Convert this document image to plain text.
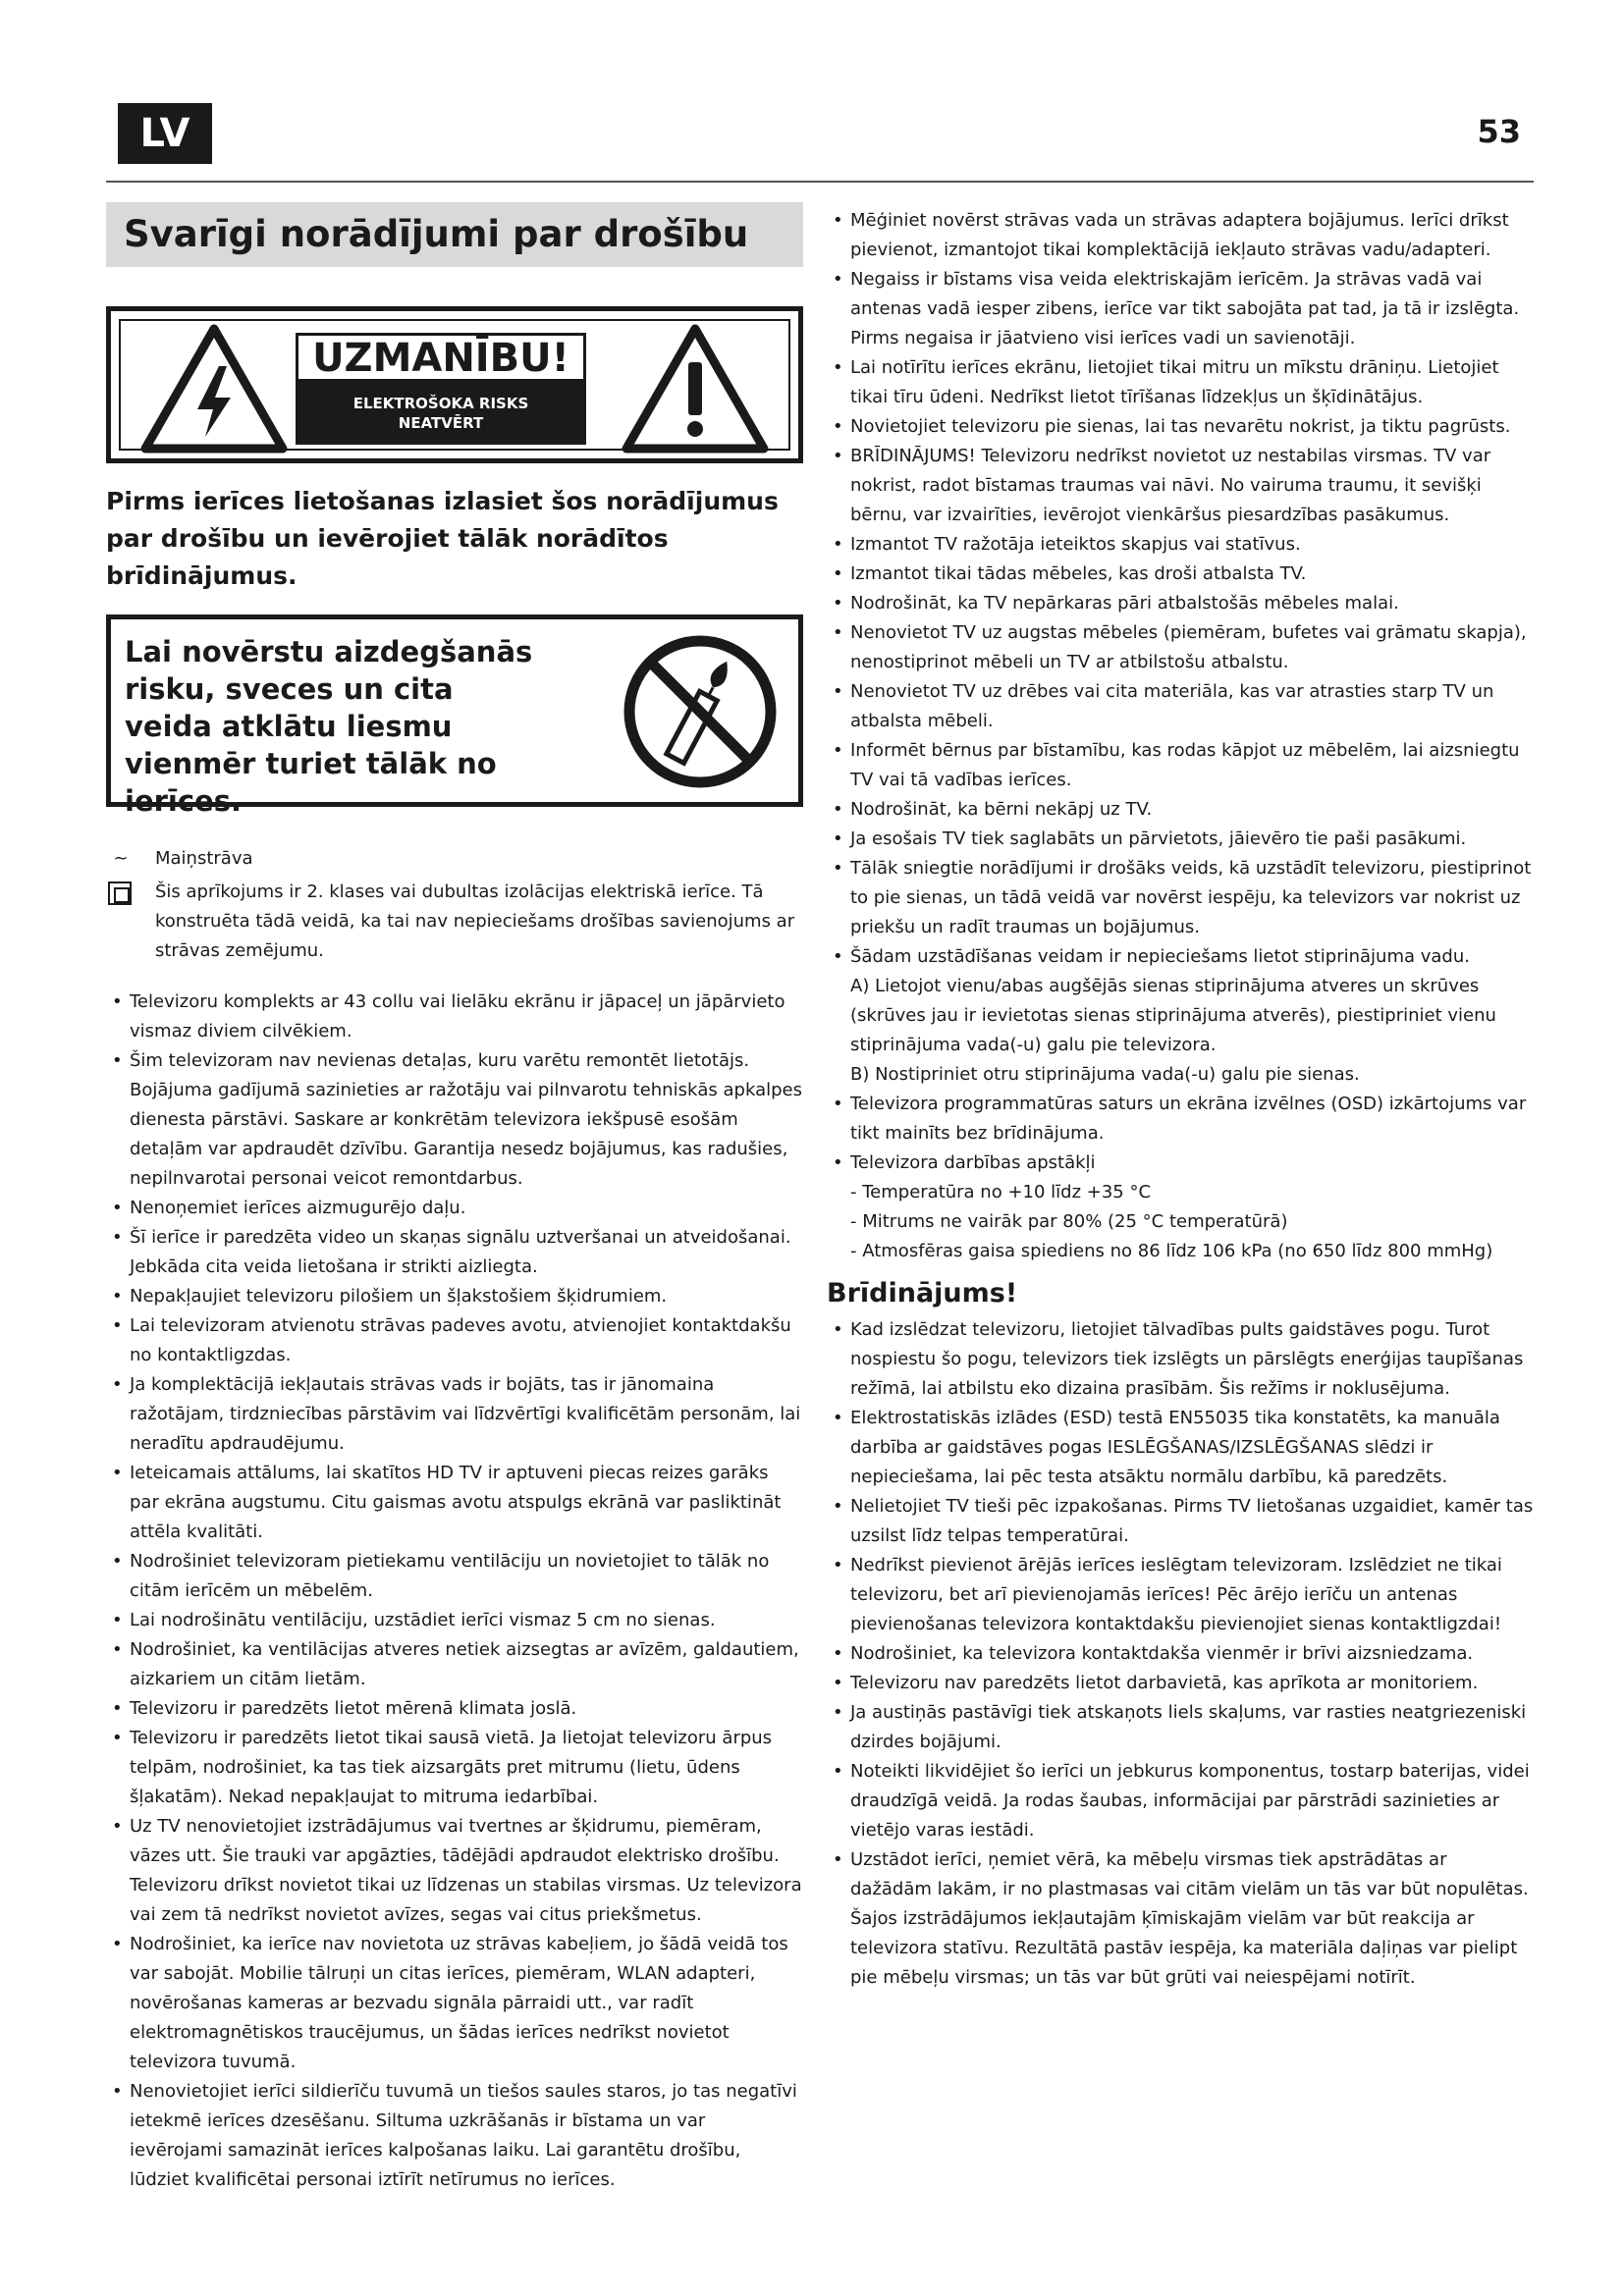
LV	53
Svarīgi norādījumi par drošību
UZMANĪBU!
ELEKTROŠOKA RISKS
NEATVĒRT
Pirms ierīces lietošanas izlasiet šos norādījumus par drošību un ievērojiet tālāk norādītos brīdinājumus.
Lai novērstu aizdegšanās risku, sveces un cita veida atklātu liesmu vienmēr turiet tālāk no ierīces.
~	Maiņstrāva
Šis aprīkojums ir 2. klases vai dubultas izolācijas elektriskā ierīce. Tā konstruēta tādā veidā, ka tai nav nepieciešams drošības savienojums ar strāvas zemējumu.
• Televizoru komplekts ar 43 collu vai lielāku ekrānu ir jāpaceļ un jāpārvieto vismaz diviem cilvēkiem.
• Šim televizoram nav nevienas detaļas, kuru varētu remontēt lietotājs. Bojājuma gadījumā sazinieties ar ražotāju vai pilnvarotu tehniskās apkalpes dienesta pārstāvi. Saskare ar konkrētām televizora iekšpusē esošām detaļām var apdraudēt dzīvību. Garantija nesedz bojājumus, kas radušies, nepilnvarotai personai veicot remontdarbus.
• Nenoņemiet ierīces aizmugurējo daļu.
• Šī ierīce ir paredzēta video un skaņas signālu uztveršanai un atveidošanai. Jebkāda cita veida lietošana ir strikti aizliegta.
• Nepakļaujiet televizoru pilošiem un šļakstošiem šķidrumiem.
• Lai televizoram atvienotu strāvas padeves avotu, atvienojiet kontaktdakšu no kontaktligzdas.
• Ja komplektācijā iekļautais strāvas vads ir bojāts, tas ir jānomaina ražotājam, tirdzniecības pārstāvim vai līdzvērtīgi kvalificētām personām, lai neradītu apdraudējumu.
• Ieteicamais attālums, lai skatītos HD TV ir aptuveni piecas reizes garāks par ekrāna augstumu. Citu gaismas avotu atspulgs ekrānā var pasliktināt attēla kvalitāti.
• Nodrošiniet televizoram pietiekamu ventilāciju un novietojiet to tālāk no citām ierīcēm un mēbelēm.
• Lai nodrošinātu ventilāciju, uzstādiet ierīci vismaz 5 cm no sienas.
• Nodrošiniet, ka ventilācijas atveres netiek aizsegtas ar avīzēm, galdautiem, aizkariem un citām lietām.
• Televizoru ir paredzēts lietot mērenā klimata joslā.
• Televizoru ir paredzēts lietot tikai sausā vietā. Ja lietojat televizoru ārpus telpām, nodrošiniet, ka tas tiek aizsargāts pret mitrumu (lietu, ūdens šļakatām). Nekad nepakļaujat to mitruma iedarbībai.
• Uz TV nenovietojiet izstrādājumus vai tvertnes ar šķidrumu, piemēram, vāzes utt. Šie trauki var apgāzties, tādējādi apdraudot elektrisko drošību. Televizoru drīkst novietot tikai uz līdzenas un stabilas virsmas. Uz televizora vai zem tā nedrīkst novietot avīzes, segas vai citus priekšmetus.
• Nodrošiniet, ka ierīce nav novietota uz strāvas kabeļiem, jo šādā veidā tos var sabojāt. Mobilie tālruņi un citas ierīces, piemēram, WLAN adapteri, novērošanas kameras ar bezvadu signāla pārraidi utt., var radīt elektromagnētiskos traucējumus, un šādas ierīces nedrīkst novietot televizora tuvumā.
• Nenovietojiet ierīci sildierīču tuvumā un tiešos saules staros, jo tas negatīvi ietekmē ierīces dzesēšanu. Siltuma uzkrāšanās ir bīstama un var ievērojami samazināt ierīces kalpošanas laiku. Lai garantētu drošību, lūdziet kvalificētai personai iztīrīt netīrumus no ierīces.
• Mēģiniet novērst strāvas vada un strāvas adaptera bojājumus. Ierīci drīkst pievienot, izmantojot tikai komplektācijā iekļauto strāvas vadu/adapteri.
• Negaiss ir bīstams visa veida elektriskajām ierīcēm. Ja strāvas vadā vai antenas vadā iesper zibens, ierīce var tikt sabojāta pat tad, ja tā ir izslēgta. Pirms negaisa ir jāatvieno visi ierīces vadi un savienotāji.
• Lai notīrītu ierīces ekrānu, lietojiet tikai mitru un mīkstu drāniņu. Lietojiet tikai tīru ūdeni. Nedrīkst lietot tīrīšanas līdzekļus un šķīdinātājus.
• Novietojiet televizoru pie sienas, lai tas nevarētu nokrist, ja tiktu pagrūsts.
• BRĪDINĀJUMS! Televizoru nedrīkst novietot uz nestabilas virsmas. TV var nokrist, radot bīstamas traumas vai nāvi. No vairuma traumu, it sevišķi bērnu, var izvairīties, ievērojot vienkāršus piesardzības pasākumus.
• Izmantot TV ražotāja ieteiktos skapjus vai statīvus.
• Izmantot tikai tādas mēbeles, kas droši atbalsta TV.
• Nodrošināt, ka TV nepārkaras pāri atbalstošās mēbeles malai.
• Nenovietot TV uz augstas mēbeles (piemēram, bufetes vai grāmatu skapja), nenostiprinot mēbeli un TV ar atbilstošu atbalstu.
• Nenovietot TV uz drēbes vai cita materiāla, kas var atrasties starp TV un atbalsta mēbeli.
• Informēt bērnus par bīstamību, kas rodas kāpjot uz mēbelēm, lai aizsniegtu TV vai tā vadības ierīces.
• Nodrošināt, ka bērni nekāpj uz TV.
• Ja esošais TV tiek saglabāts un pārvietots, jāievēro tie paši pasākumi.
• Tālāk sniegtie norādījumi ir drošāks veids, kā uzstādīt televizoru, piestiprinot to pie sienas, un tādā veidā var novērst iespēju, ka televizors var nokrist uz priekšu un radīt traumas un bojājumus.
• Šādam uzstādīšanas veidam ir nepieciešams lietot stiprinājuma vadu.
A) Lietojot vienu/abas augšējās sienas stiprinājuma atveres un skrūves (skrūves jau ir ievietotas sienas stiprinājuma atverēs), piestipriniet vienu stiprinājuma vada(-u) galu pie televizora.
B) Nostipriniet otru stiprinājuma vada(-u) galu pie sienas.
• Televizora programmatūras saturs un ekrāna izvēlnes (OSD) izkārtojums var tikt mainīts bez brīdinājuma.
• Televizora darbības apstākļi
- Temperatūra no +10 līdz +35 °C
- Mitrums ne vairāk par 80% (25 °C temperatūrā)
- Atmosfēras gaisa spiediens no 86 līdz 106 kPa (no 650 līdz 800 mmHg)
Brīdinājums!
• Kad izslēdzat televizoru, lietojiet tālvadības pults gaidstāves pogu. Turot nospiestu šo pogu, televizors tiek izslēgts un pārslēgts enerģijas taupīšanas režīmā, lai atbilstu eko dizaina prasībām. Šis režīms ir noklusējuma.
• Elektrostatiskās izlādes (ESD) testā EN55035 tika konstatēts, ka manuāla darbība ar gaidstāves pogas IESLĒGŠANAS/IZSLĒGŠANAS slēdzi ir nepieciešama, lai pēc testa atsāktu normālu darbību, kā paredzēts.
• Nelietojiet TV tieši pēc izpakošanas. Pirms TV lietošanas uzgaidiet, kamēr tas uzsilst līdz telpas temperatūrai.
• Nedrīkst pievienot ārējās ierīces ieslēgtam televizoram. Izslēdziet ne tikai televizoru, bet arī pievienojamās ierīces! Pēc ārējo ierīču un antenas pievienošanas televizora kontaktdakšu pievienojiet sienas kontaktligzdai!
• Nodrošiniet, ka televizora kontaktdakša vienmēr ir brīvi aizsniedzama.
• Televizoru nav paredzēts lietot darbavietā, kas aprīkota ar monitoriem.
• Ja austiņās pastāvīgi tiek atskaņots liels skaļums, var rasties neatgriezeniski dzirdes bojājumi.
• Noteikti likvidējiet šo ierīci un jebkurus komponentus, tostarp baterijas, videi draudzīgā veidā. Ja rodas šaubas, informācijai par pārstrādi sazinieties ar vietējo varas iestādi.
• Uzstādot ierīci, ņemiet vērā, ka mēbeļu virsmas tiek apstrādātas ar dažādām lakām, ir no plastmasas vai citām vielām un tās var būt nopulētas. Šajos izstrādājumos iekļautajām ķīmiskajām vielām var būt reakcija ar televizora statīvu. Rezultātā pastāv iespēja, ka materiāla daļiņas var pielipt pie mēbeļu virsmas; un tās var būt grūti vai neiespējami notīrīt.
